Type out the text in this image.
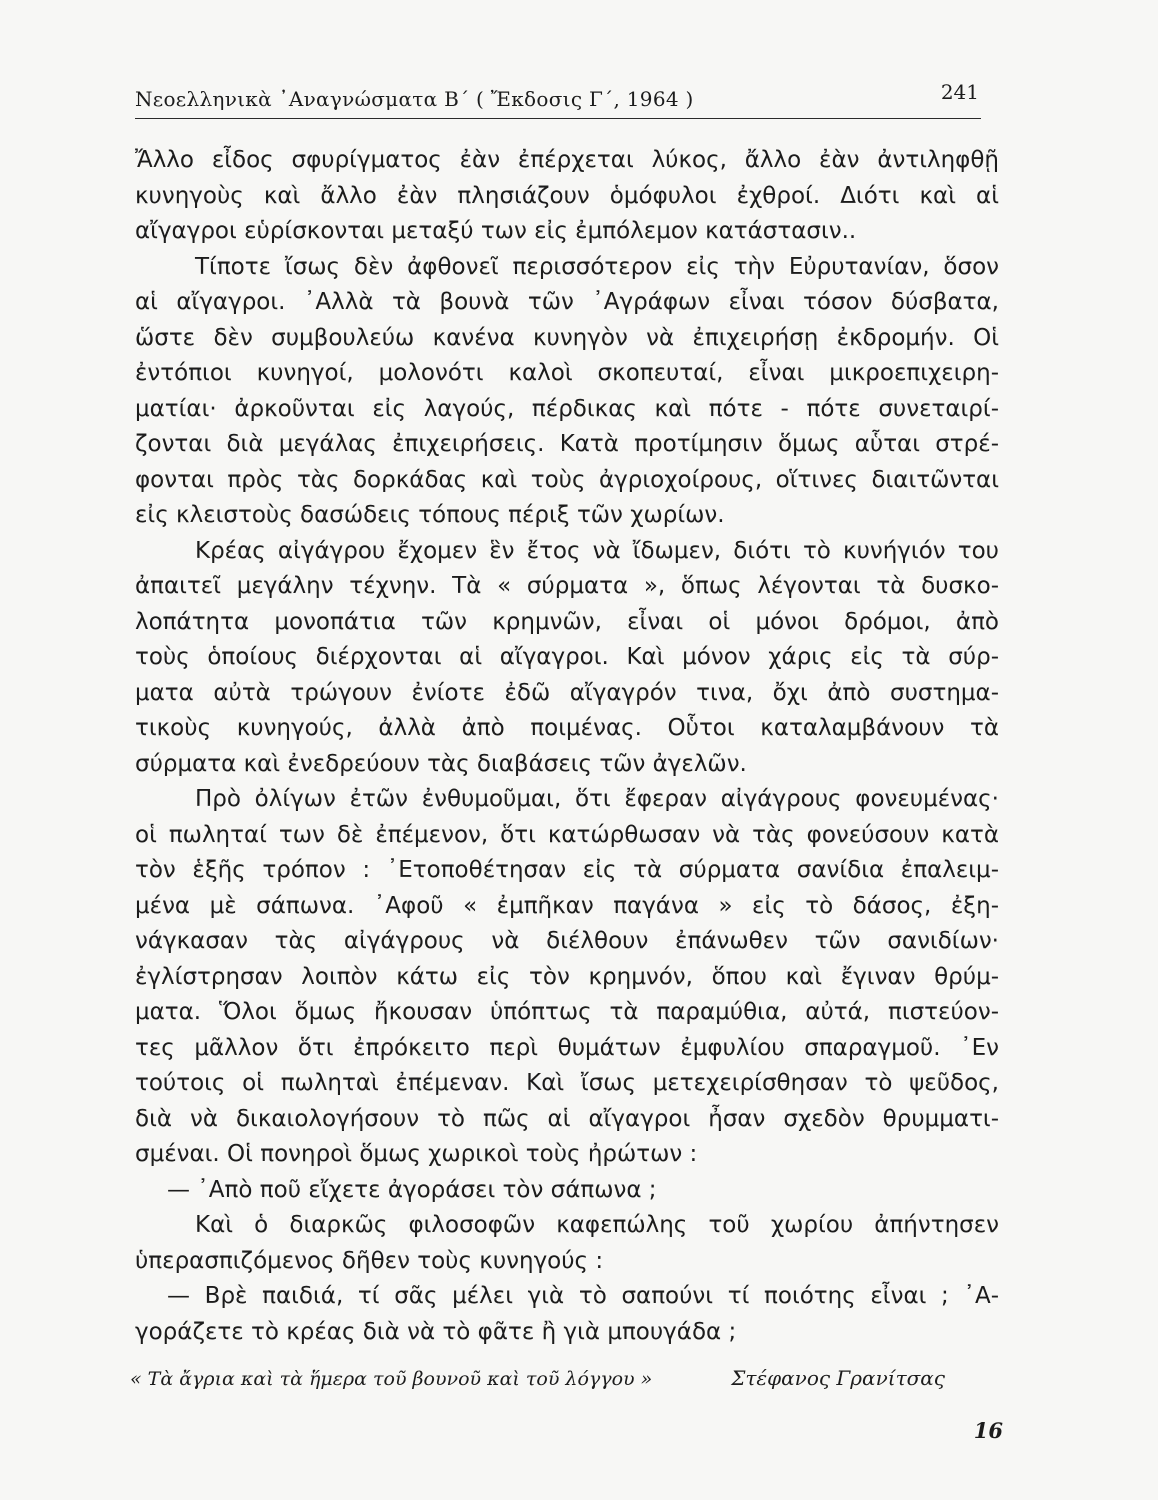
Νεοελληνικὰ ᾿Αναγνώσματα Β΄ ( Ἔκδοσις Γ΄, 1964 )	241
Ἄλλο εἶδος σφυρίγματος ἐὰν ἐπέρχεται λύκος, ἄλλο ἐὰν ἀντιληφθῇ
κυνηγοὺς καὶ ἄλλο ἐὰν πλησιάζουν ὁμόφυλοι ἐχθροί. Διότι καὶ αἱ
αἴγαγροι εὑρίσκονται μεταξύ των εἰς ἐμπόλεμον κατάστασιν..
Τίποτε ἴσως δὲν ἀφθονεῖ περισσότερον εἰς τὴν Εὐρυτανίαν, ὅσον
αἱ αἴγαγροι. ᾿Αλλὰ τὰ βουνὰ τῶν ᾿Αγράφων εἶναι τόσον δύσβατα,
ὥστε δὲν συμβουλεύω κανένα κυνηγὸν νὰ ἐπιχειρήσῃ ἐκδρομήν. Οἱ
ἐντόπιοι κυνηγοί, μολονότι καλοὶ σκοπευταί, εἶναι μικροεπιχειρη-
ματίαι· ἀρκοῦνται εἰς λαγούς, πέρδικας καὶ πότε - πότε συνεταιρί-
ζονται διὰ μεγάλας ἐπιχειρήσεις. Κατὰ προτίμησιν ὅμως αὗται στρέ-
φονται πρὸς τὰς δορκάδας καὶ τοὺς ἀγριοχοίρους, οἵτινες διαιτῶνται
εἰς κλειστοὺς δασώδεις τόπους πέριξ τῶν χωρίων.
Κρέας αἰγάγρου ἔχομεν ἓν ἔτος νὰ ἴδωμεν, διότι τὸ κυνήγιόν του
ἀπαιτεῖ μεγάλην τέχνην. Τὰ « σύρματα », ὅπως λέγονται τὰ δυσκο-
λοπάτητα μονοπάτια τῶν κρημνῶν, εἶναι οἱ μόνοι δρόμοι, ἀπὸ
τοὺς ὁποίους διέρχονται αἱ αἴγαγροι. Καὶ μόνον χάρις εἰς τὰ σύρ-
ματα αὐτὰ τρώγουν ἐνίοτε ἐδῶ αἴγαγρόν τινα, ὄχι ἀπὸ συστημα-
τικοὺς κυνηγούς, ἀλλὰ ἀπὸ ποιμένας. Οὗτοι καταλαμβάνουν τὰ
σύρματα καὶ ἐνεδρεύουν τὰς διαβάσεις τῶν ἀγελῶν.
Πρὸ ὀλίγων ἐτῶν ἐνθυμοῦμαι, ὅτι ἔφεραν αἰγάγρους φονευμένας·
οἱ πωληταί των δὲ ἐπέμενον, ὅτι κατώρθωσαν νὰ τὰς φονεύσουν κατὰ
τὸν ἑξῆς τρόπον : ᾿Ετοποθέτησαν εἰς τὰ σύρματα σανίδια ἐπαλειμ-
μένα μὲ σάπωνα. ᾿Αφοῦ « ἐμπῆκαν παγάνα » εἰς τὸ δάσος, ἐξη-
νάγκασαν τὰς αἰγάγρους νὰ διέλθουν ἐπάνωθεν τῶν σανιδίων·
ἐγλίστρησαν λοιπὸν κάτω εἰς τὸν κρημνόν, ὅπου καὶ ἔγιναν θρύμ-
ματα. Ὅλοι ὅμως ἤκουσαν ὑπόπτως τὰ παραμύθια, αὐτά, πιστεύον-
τες μᾶλλον ὅτι ἐπρόκειτο περὶ θυμάτων ἐμφυλίου σπαραγμοῦ. ᾿Εν
τούτοις οἱ πωληταὶ ἐπέμεναν. Καὶ ἴσως μετεχειρίσθησαν τὸ ψεῦδος,
διὰ νὰ δικαιολογήσουν τὸ πῶς αἱ αἴγαγροι ἦσαν σχεδὸν θρυμματι-
σμέναι. Οἱ πονηροὶ ὅμως χωρικοὶ τοὺς ἠρώτων :
— ᾿Απὸ ποῦ εἴχετε ἀγοράσει τὸν σάπωνα ;
Καὶ ὁ διαρκῶς φιλοσοφῶν καφεπώλης τοῦ χωρίου ἀπήντησεν
ὑπερασπιζόμενος δῆθεν τοὺς κυνηγούς :
— Βρὲ παιδιά, τί σᾶς μέλει γιὰ τὸ σαπούνι τί ποιότης εἶναι ; ᾿Α-
γοράζετε τὸ κρέας διὰ νὰ τὸ φᾶτε ἢ γιὰ μπουγάδα ;
« Τὰ ἄγρια καὶ τὰ ἥμερα τοῦ βουνοῦ καὶ τοῦ λόγγου »	Στέφανος Γρανίτσας
16
